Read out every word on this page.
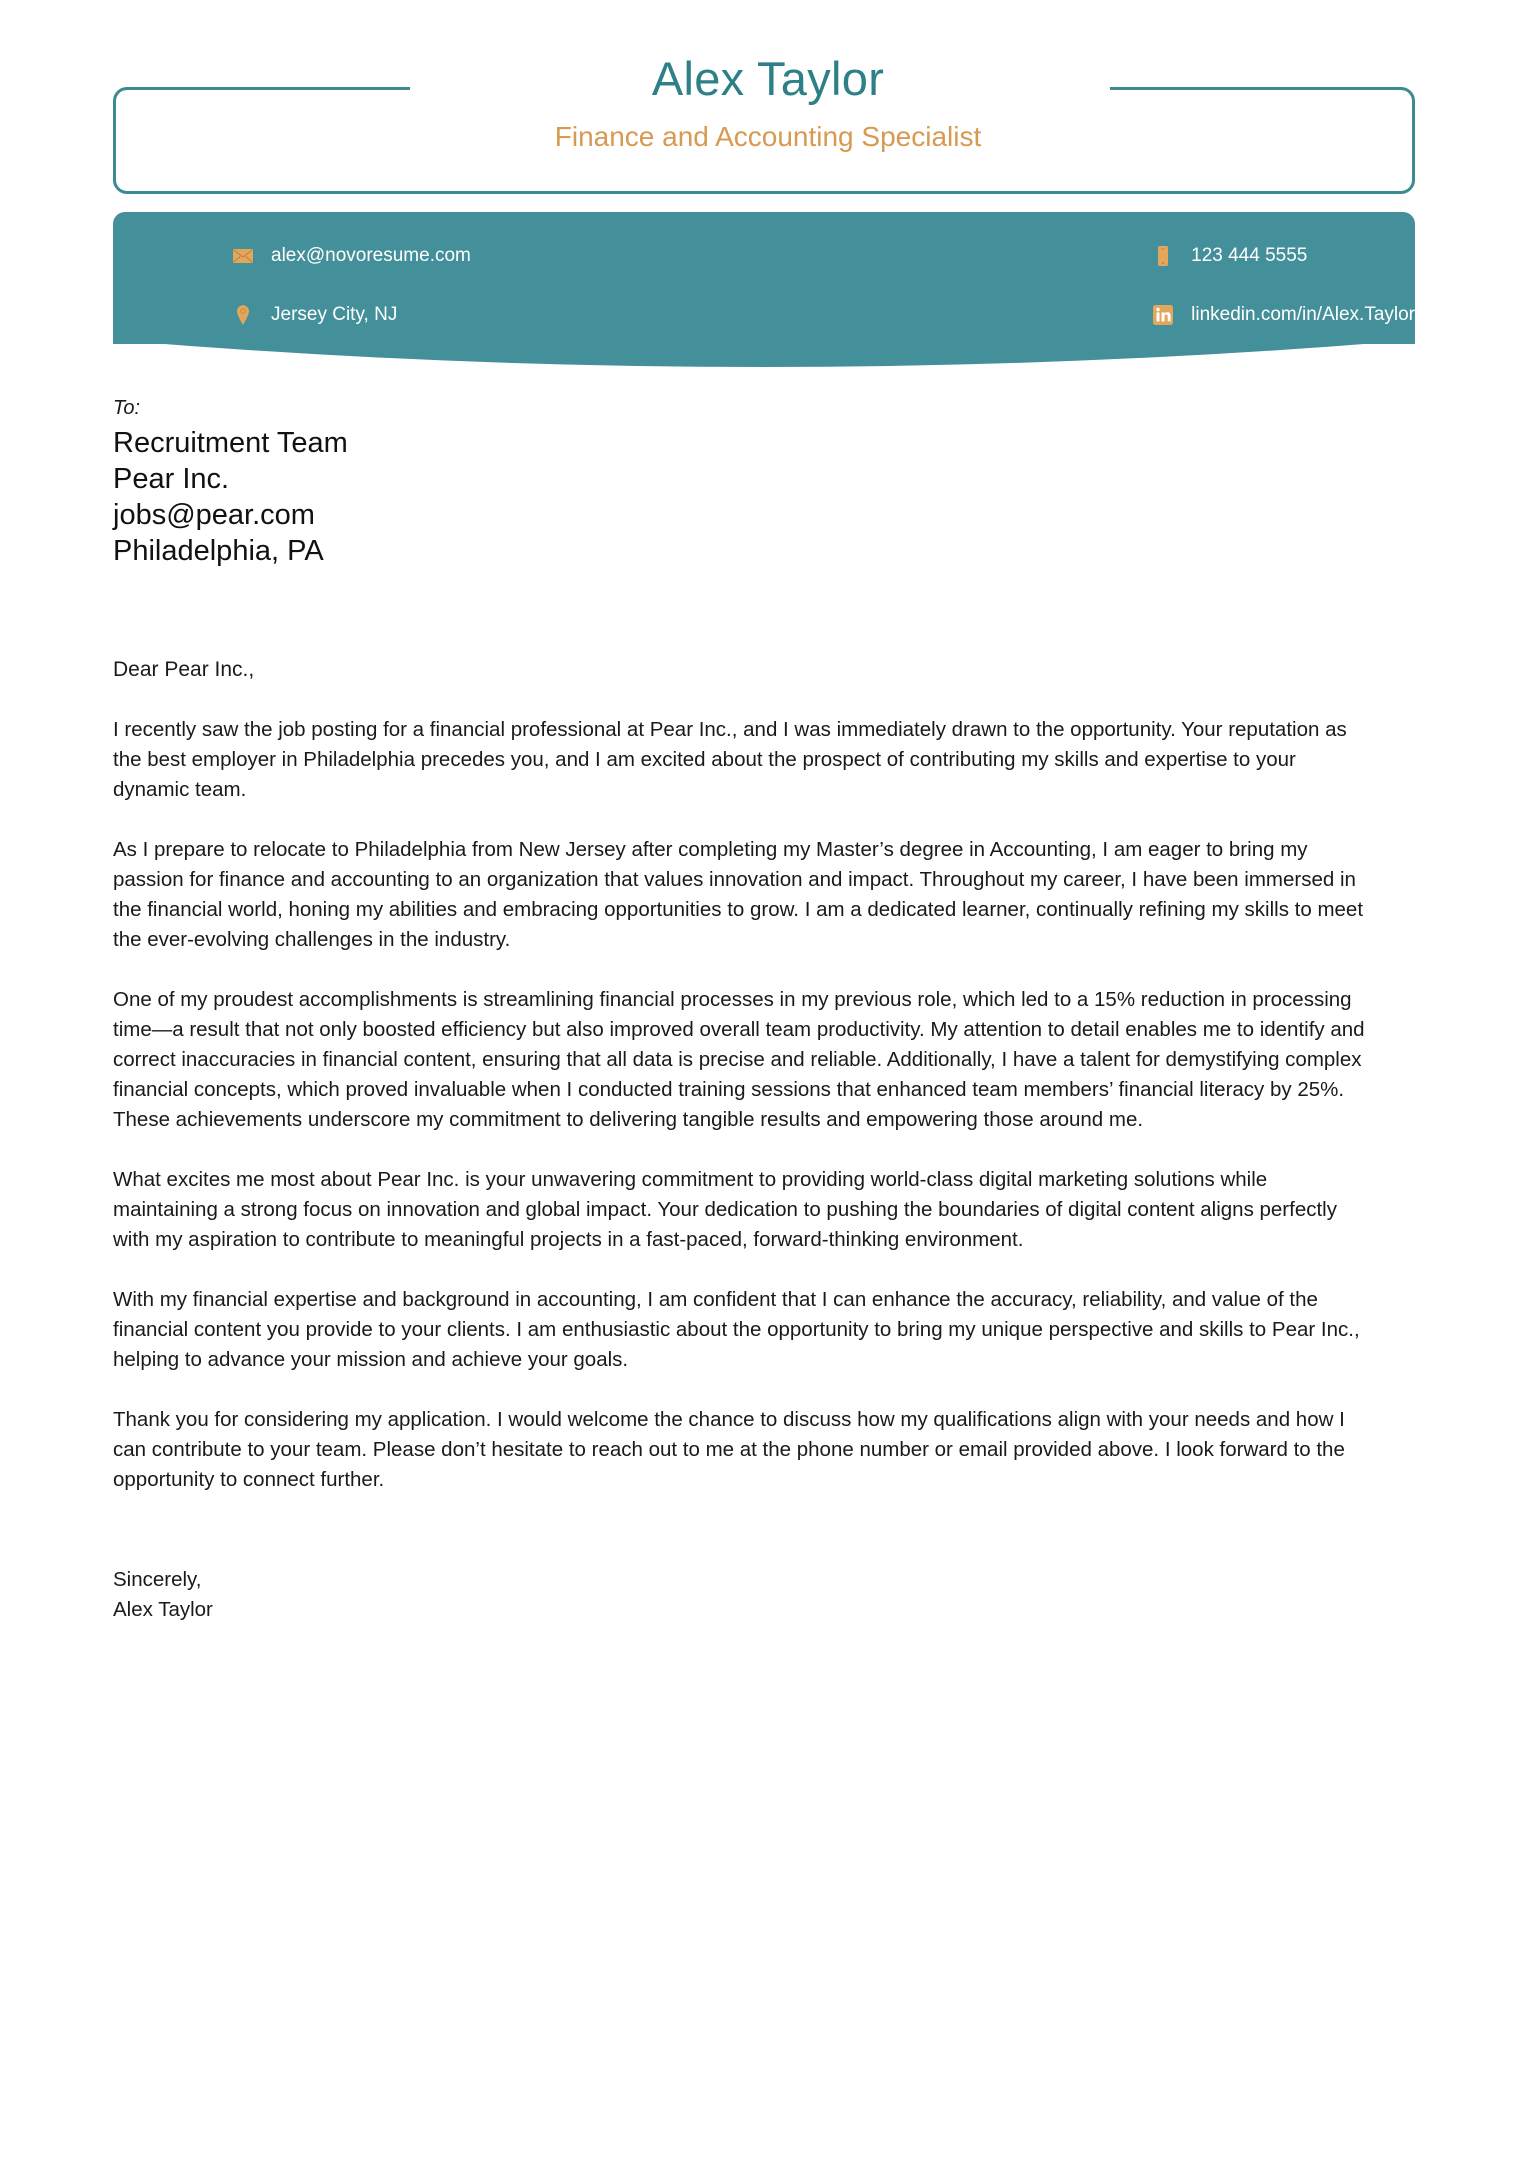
Alex Taylor
Finance and Accounting Specialist
alex@novoresume.com	123 444 5555
Jersey City, NJ	linkedin.com/in/Alex.Taylor
To:
Recruitment Team
Pear Inc.
jobs@pear.com
Philadelphia, PA
Dear Pear Inc.,

I recently saw the job posting for a financial professional at Pear Inc., and I was immediately drawn to the opportunity. Your reputation as the best employer in Philadelphia precedes you, and I am excited about the prospect of contributing my skills and expertise to your dynamic team.

As I prepare to relocate to Philadelphia from New Jersey after completing my Master’s degree in Accounting, I am eager to bring my passion for finance and accounting to an organization that values innovation and impact. Throughout my career, I have been immersed in the financial world, honing my abilities and embracing opportunities to grow. I am a dedicated learner, continually refining my skills to meet the ever-evolving challenges in the industry.

One of my proudest accomplishments is streamlining financial processes in my previous role, which led to a 15% reduction in processing time—a result that not only boosted efficiency but also improved overall team productivity. My attention to detail enables me to identify and correct inaccuracies in financial content, ensuring that all data is precise and reliable. Additionally, I have a talent for demystifying complex financial concepts, which proved invaluable when I conducted training sessions that enhanced team members’ financial literacy by 25%. These achievements underscore my commitment to delivering tangible results and empowering those around me.

What excites me most about Pear Inc. is your unwavering commitment to providing world-class digital marketing solutions while maintaining a strong focus on innovation and global impact. Your dedication to pushing the boundaries of digital content aligns perfectly with my aspiration to contribute to meaningful projects in a fast-paced, forward-thinking environment.

With my financial expertise and background in accounting, I am confident that I can enhance the accuracy, reliability, and value of the financial content you provide to your clients. I am enthusiastic about the opportunity to bring my unique perspective and skills to Pear Inc., helping to advance your mission and achieve your goals.

Thank you for considering my application. I would welcome the chance to discuss how my qualifications align with your needs and how I can contribute to your team. Please don’t hesitate to reach out to me at the phone number or email provided above. I look forward to the opportunity to connect further.

Sincerely,
Alex Taylor
